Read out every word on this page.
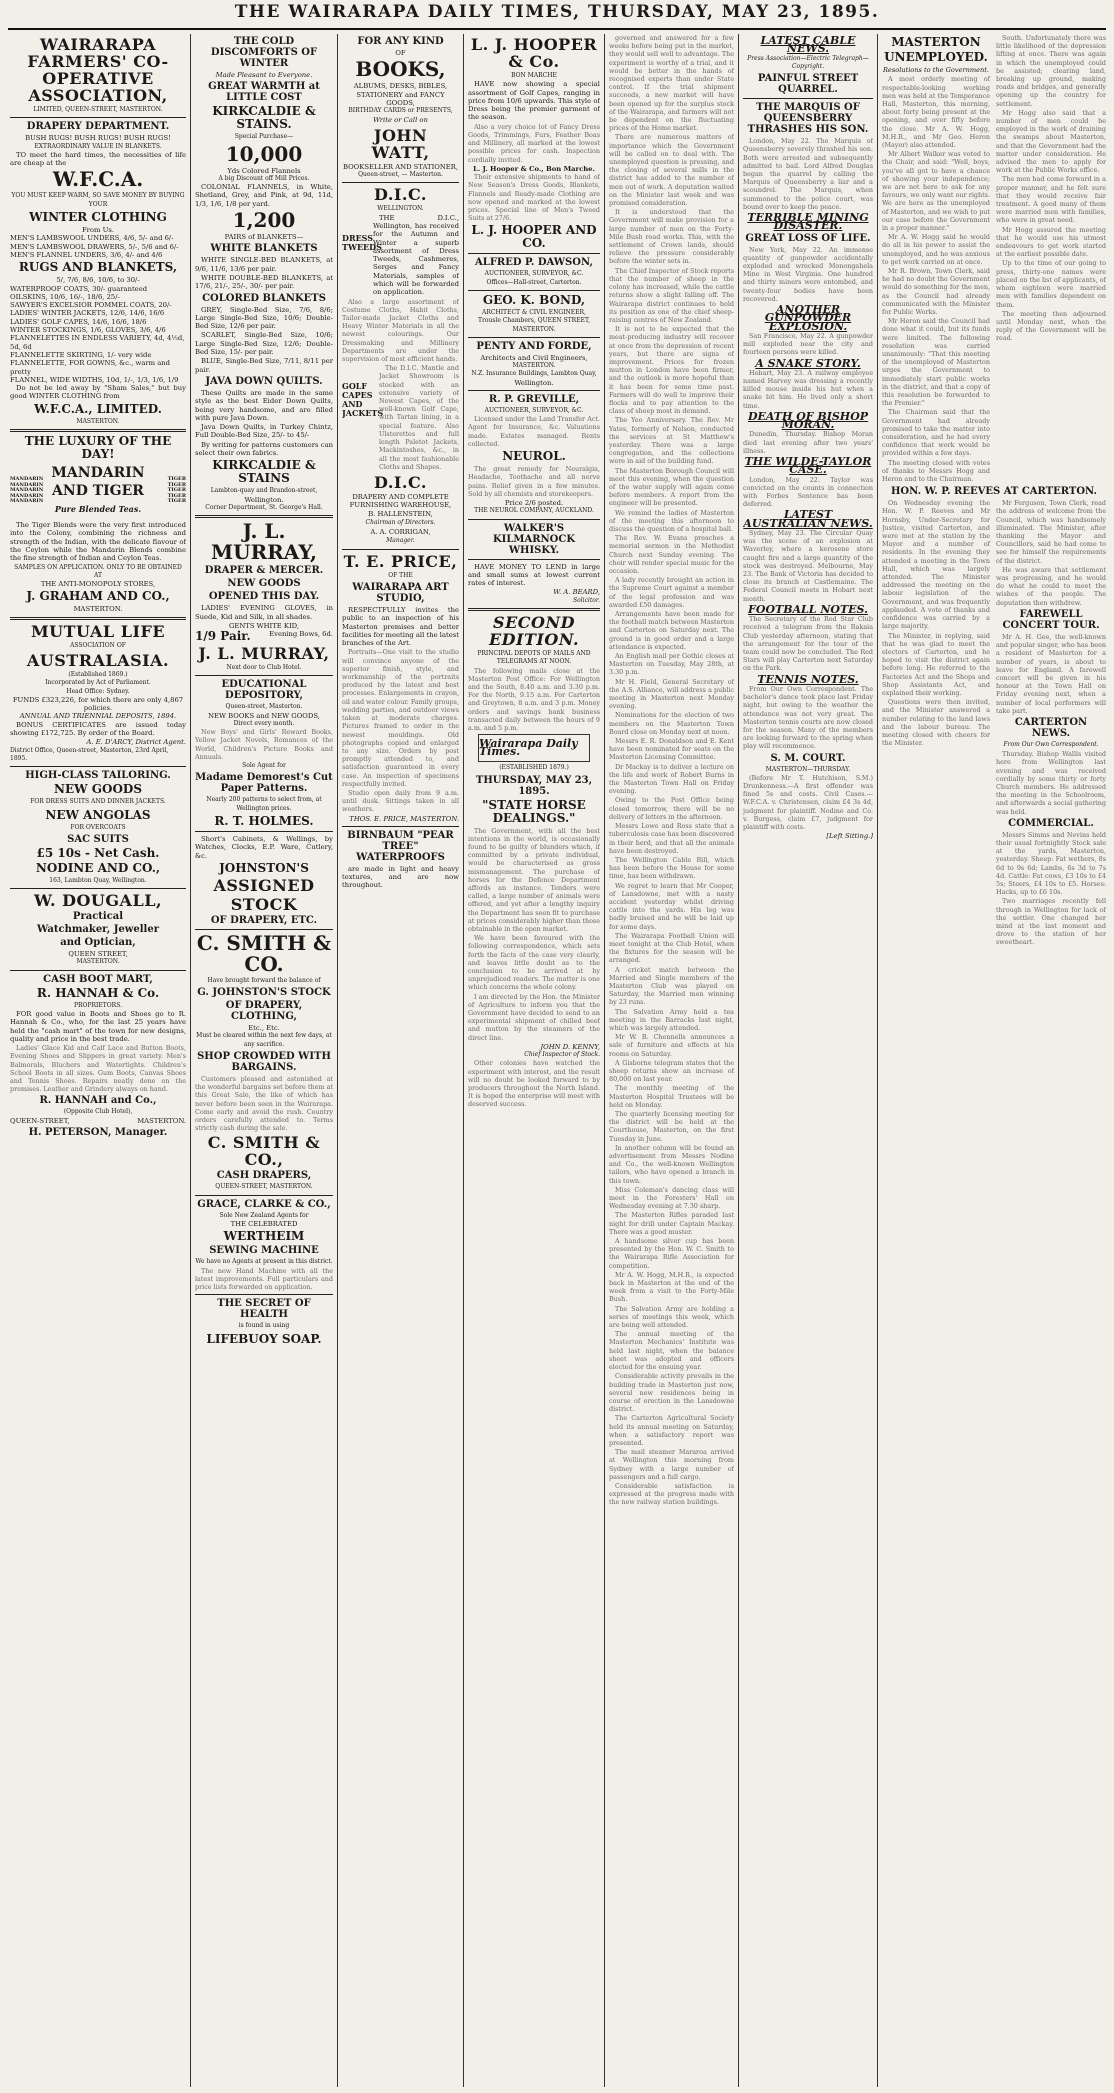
THE WAIRARAPA DAILY TIMES, THURSDAY, MAY 23, 1895.
WAIRARAPA FARMERS' CO-OPERATIVE ASSOCIATION,
LIMITED, QUEEN-STREET, MASTERTON.
DRAPERY DEPARTMENT.
BUSH RUGS! BUSH RUGS! BUSH RUGS!
EXTRAORDINARY VALUE IN BLANKETS.

TO meet the hard times, the necessities of life are cheap at the

W.F.C.A.
YOU MUST KEEP WARM, SO SAVE MONEY BY BUYING YOUR
WINTER CLOTHING
From Us.
MEN'S LAMBSWOOL UNDERS, 4/6, 5/- and 6/-
MEN'S LAMBSWOOL DRAWERS, 5/-, 5/6 and 6/-
MEN'S FLANNEL UNDERS, 3/6, 4/- and 4/6
RUGS AND BLANKETS,
5/, 7/6, 8/6, 10/6, to 30/-
WATERPROOF COATS, 30/- guaranteed
OILSKINS, 10/6, 16/-, 18/6, 25/-
SAWYER'S EXCELSIOR POMMEL COATS, 20/-
LADIES' WINTER JACKETS, 12/6, 14/6, 16/6
LADIES' GOLF CAPES, 14/6, 16/6, 18/6
WINTER STOCKINGS, 1/6, GLOVES, 3/6, 4/6
FLANNELETTES IN ENDLESS VARIETY, 4d, 4½d, 5d, 6d
FLANNELETTE SKIRTING, 1/- very wide
FLANNELETTE, FOR GOWNS, &c., warm and pretty
FLANNEL, WIDE WIDTHS, 10d, 1/-, 1/3, 1/6, 1/9

Do not be led away by "Sham Sales," but buy good WINTER CLOTHING from

W.F.C.A., LIMITED.
MASTERTON.
THE LUXURY OF THE DAY!
MANDARIN
MANDARIN
MANDARIN
MANDARIN
MANDARIN
MANDARIN
AND TIGER
Pure Blended Teas.
TIGER
TIGER
TIGER
TIGER
TIGER

The Tiger Blends were the very first introduced into the Colony, combining the richness and strength of the Indian, with the delicate flavour of the Ceylon while the Mandarin Blends combine the fine strength of Indian and Ceylon Teas.

SAMPLES ON APPLICATION. ONLY TO BE OBTAINED AT
THE ANTI-MONOPOLY STORES,
J. GRAHAM AND CO.,
MASTERTON.
MUTUAL LIFE
ASSOCIATION OF
AUSTRALASIA.
(Established 1869.)
Incorporated by Act of Parliament.
Head Office: Sydney.
FUNDS £323,226, for which there are only 4,867 policies.
ANNUAL AND TRIENNIAL DEPOSITS, 1894.

BONUS CERTIFICATES are issued today showing £172,725. By order of the Board.

A. E. D'ARCY, District Agent.
District Office, Queen-street, Masterton, 23rd April, 1895.
HIGH-CLASS TAILORING.
NEW GOODS
FOR DRESS SUITS AND DINNER JACKETS.
NEW ANGOLAS
FOR OVERCOATS
SAC SUITS
£5 10s - Net Cash.
NODINE AND CO.,
163, Lambton Quay, Wellington.
W. DOUGALL,
Practical
Watchmaker, Jeweller
and Optician,
QUEEN STREET,
MASTERTON.
CASH BOOT MART,
R. HANNAH & Co.
PROPRIETORS.

FOR good value in Boots and Shoes go to R. Hannah & Co., who, for the last 25 years have held the "cash mart" of the town for new designs, quality and price in the best trade.

Ladies' Glace Kid and Calf Lace and Button Boots, Evening Shoes and Slippers in great variety. Men's Balmorals, Bluchers and Watertights. Children's School Boots in all sizes. Gum Boots, Canvas Shoes and Tennis Shoes. Repairs neatly done on the premises. Leather and Grindery always on hand.

R. HANNAH and Co.,
(Opposite Club Hotel),
QUEEN-STREET,	MASTERTON.
H. PETERSON, Manager.
THE COLD DISCOMFORTS OF WINTER
Made Pleasant to Everyone.
GREAT WARMTH at LITTLE COST
KIRKCALDIE & STAINS.
Special Purchase—
10,000
Yds Colored Flannels
A big Discount off Mill Prices.

COLONIAL FLANNELS, in White, Shetland, Grey, and Pink, at 9d, 11d, 1/3, 1/6, 1/8 per yard.

1,200
PAIRS of BLANKETS—
WHITE BLANKETS

WHITE SINGLE-BED BLANKETS, at 9/6, 11/6, 13/6 per pair.

WHITE DOUBLE-BED BLANKETS, at 17/6, 21/-, 25/-, 30/- per pair.

COLORED BLANKETS

GREY, Single-Bed Size, 7/6, 8/6; Large Single-Bed Size, 10/6; Double-Bed Size, 12/6 per pair.

SCARLET, Single-Bed Size, 10/6; Large Single-Bed Size, 12/6; Double-Bed Size, 15/- per pair.

BLUE, Single-Bed Size, 7/11, 8/11 per pair.

JAVA DOWN QUILTS.

These Quilts are made in the same style as the best Eider Down Quilts, being very handsome, and are filled with pure Java Down.

Java Down Quilts, in Turkey Chintz, Full Double-Bed Size, 25/- to 45/-

By writing for patterns customers can select their own fabrics.

KIRKCALDIE & STAINS
Lambton-quay and Brandon-street,
Wellington.
Corner Department, St. George's Hall.
J. L. MURRAY,
DRAPER & MERCER.
NEW GOODS
OPENED THIS DAY.

LADIES' EVENING GLOVES, in Suede, Kid and Silk, in all shades.

GENTS WHITE KID,
1/9 Pair.	Evening Bows, 6d.
J. L. MURRAY,
Next door to Club Hotel.
EDUCATIONAL DEPOSITORY,
Queen-street, Masterton.
NEW BOOKS and NEW GOODS,
Direct every month.

New Boys' and Girls' Reward Books, Yellow Jacket Novels, Romances of the World, Children's Picture Books and Annuals.

Sole Agent for
Madame Demorest's Cut Paper Patterns.
Nearly 200 patterns to select from, at Wellington prices.
R. T. HOLMES.

Short's Cabinets, & Wellings, by Watches, Clocks, E.P. Ware, Cutlery, &c.

JOHNSTON'S
ASSIGNED
STOCK
OF DRAPERY, ETC.
C. SMITH & CO.
Have brought forward the balance of
G. JOHNSTON'S STOCK
OF DRAPERY, CLOTHING,
Etc., Etc.
Must be cleared within the next few days, at any sacrifice.
SHOP CROWDED WITH BARGAINS.

Customers pleased and astonished at the wonderful bargains set before them at this Great Sale, the like of which has never before been seen in the Wairarapa. Come early and avoid the rush. Country orders carefully attended to. Terms strictly cash during the sale.

C. SMITH & CO.,
CASH DRAPERS,
QUEEN-STREET, MASTERTON.
GRACE, CLARKE & CO.,
Sole New Zealand Agents for
THE CELEBRATED
WERTHEIM
SEWING MACHINE
We have no Agents at present in this district.

The new Hand Machine with all the latest improvements. Full particulars and price lists forwarded on application.

THE SECRET OF HEALTH
is found in using
LIFEBUOY SOAP.
FOR ANY KIND
OF
BOOKS,
ALBUMS, DESKS, BIBLES,
STATIONERY and FANCY GOODS,
BIRTHDAY CARDS or PRESENTS,
Write or Call on
JOHN WATT,
BOOKSELLER AND STATIONER,
Queen-street, — Masterton.
D.I.C.
WELLINGTON.
DRESS
TWEEDS

THE D.I.C., Wellington, has received for the Autumn and Winter a superb assortment of Dress Tweeds, Cashmeres, Serges and Fancy Materials, samples of which will be forwarded on application.

Also a large assortment of Costume Cloths, Habit Cloths, Tailor-made Jacket Cloths and Heavy Winter Materials in all the newest colourings. Our Dressmaking and Millinery Departments are under the supervision of most efficient hands.

GOLF
CAPES
AND
JACKETS

The D.I.C. Mantle and Jacket Showroom is stocked with an extensive variety of Newest Capes, of the well-known Golf Cape, with Tartan lining, in a special feature. Also Ulsterettes and full length Paletot Jackets, Mackintoshes, &c., in all the most fashionable Cloths and Shapes.

D.I.C.
DRAPERY AND COMPLETE FURNISHING WAREHOUSE,
B. HALLENSTEIN,
Chairman of Directors.
A. A. CORRIGAN,
Manager.
T. E. PRICE,
OF THE
WAIRARAPA ART STUDIO,

RESPECTFULLY invites the public to an inspection of his Masterton premises and better facilities for meeting all the latest branches of the Art.

Portraits—One visit to the studio will convince anyone of the superior finish, style, and workmanship of the portraits produced by the latest and best processes. Enlargements in crayon, oil and water colour. Family groups, wedding parties, and outdoor views taken at moderate charges. Pictures framed to order in the newest mouldings. Old photographs copied and enlarged to any size. Orders by post promptly attended to, and satisfaction guaranteed in every case. An inspection of specimens respectfully invited.

Studio open daily from 9 a.m. until dusk. Sittings taken in all weathers.

THOS. E. PRICE, MASTERTON.
BIRNBAUM "PEAR TREE" WATERPROOFS

are made in light and heavy textures, and are now throughout.

L. J. HOOPER & Co.
BON MARCHE

HAVE now showing a special assortment of Golf Capes, ranging in price from 10/6 upwards. This style of Dress being the premier garment of the season.

Also a very choice lot of Fancy Dress Goods, Trimmings, Furs, Feather Boas and Millinery, all marked at the lowest possible prices for cash. Inspection cordially invited.

L. J. Hooper & Co., Bon Marche.

Their extensive shipments to hand of New Season's Dress Goods, Blankets, Flannels and Ready-made Clothing are now opened and marked at the lowest prices. Special line of Men's Tweed Suits at 27/6.

L. J. HOOPER AND CO.
ALFRED P. DAWSON,
AUCTIONEER, SURVEYOR, &C.
Offices—Hall-street, Carterton.
GEO. K. BOND,
ARCHITECT & CIVIL ENGINEER,
Trousle Chambers, QUEEN STREET, MASTERTON.
PENTY AND FORDE,
Architects and Civil Engineers,
MASTERTON.
N.Z. Insurance Buildings, Lambton Quay,
Wellington.
R. P. GREVILLE,
AUCTIONEER, SURVEYOR, &C.

Licensed under the Land Transfer Act. Agent for Insurance, &c. Valuations made. Estates managed. Rents collected.

NEUROL.

The great remedy for Neuralgia, Headache, Toothache and all nerve pains. Relief given in a few minutes. Sold by all chemists and storekeepers.

Price 2/6 posted.
THE NEUROL COMPANY, AUCKLAND.
WALKER'S KILMARNOCK WHISKY.

HAVE MONEY TO LEND in large and small sums at lowest current rates of interest.

W. A. BEARD,
Solicitor.
SECOND EDITION.
PRINCIPAL DEPOTS OF MAILS AND TELEGRAMS AT NOON.

The following mails close at the Masterton Post Office: For Wellington and the South, 8.40 a.m. and 3.30 p.m. For the North, 9.15 a.m. For Carterton and Greytown, 8 a.m. and 3 p.m. Money orders and savings bank business transacted daily between the hours of 9 a.m. and 5 p.m.

Wairarapa Daily Times.
(ESTABLISHED 1879.)
THURSDAY, MAY 23, 1895.
"STATE HORSE DEALINGS."

The Government, with all the best intentions in the world, is occasionally found to be guilty of blunders which, if committed by a private individual, would be characterised as gross mismanagement. The purchase of horses for the Defence Department affords an instance. Tenders were called, a large number of animals were offered, and yet after a lengthy inquiry the Department has seen fit to purchase at prices considerably higher than those obtainable in the open market.

We have been favoured with the following correspondence, which sets forth the facts of the case very clearly, and leaves little doubt as to the conclusion to be arrived at by unprejudiced readers. The matter is one which concerns the whole colony.

I am directed by the Hon. the Minister of Agriculture to inform you that the Government have decided to send to an experimental shipment of chilled beef and mutton by the steamers of the direct line.

JOHN D. KENNY,
Chief Inspector of Stock.

Other colonies have watched the experiment with interest, and the result will no doubt be looked forward to by producers throughout the North Island. It is hoped the enterprise will meet with deserved success.

governed and answered for a few weeks before being put in the market, they would sell well to advantage. The experiment is worthy of a trial, and it would be better in the hands of recognised experts than under State control. If the trial shipment succeeds, a new market will have been opened up for the surplus stock of the Wairarapa, and farmers will not be dependent on the fluctuating prices of the Home market.

There are numerous matters of importance which the Government will be called on to deal with. The unemployed question is pressing, and the closing of several mills in the district has added to the number of men out of work. A deputation waited on the Minister last week and was promised consideration.

It is understood that the Government will make provision for a large number of men on the Forty-Mile Bush road works. This, with the settlement of Crown lands, should relieve the pressure considerably before the winter sets in.

The Chief Inspector of Stock reports that the number of sheep in the colony has increased, while the cattle returns show a slight falling off. The Wairarapa district continues to hold its position as one of the chief sheep-raising centres of New Zealand.

It is not to be expected that the meat-producing industry will recover at once from the depression of recent years, but there are signs of improvement. Prices for frozen mutton in London have been firmer, and the outlook is more hopeful than it has been for some time past. Farmers will do well to improve their flocks and to pay attention to the class of sheep most in demand.

The Yeo Anniversary. The Rev. Mr Yates, formerly of Nelson, conducted the services at St Matthew's yesterday. There was a large congregation, and the collections were in aid of the building fund.

The Masterton Borough Council will meet this evening, when the question of the water supply will again come before members. A report from the engineer will be presented.

We remind the ladies of Masterton of the meeting this afternoon to discuss the question of a hospital ball.

The Rev. W. Evans preaches a memorial sermon in the Methodist Church next Sunday evening. The choir will render special music for the occasion.

A lady recently brought an action in the Supreme Court against a member of the legal profession and was awarded £50 damages.

Arrangements have been made for the football match between Masterton and Carterton on Saturday next. The ground is in good order and a large attendance is expected.

An English mail per Gothic closes at Masterton on Tuesday, May 28th, at 3.30 p.m.

Mr H. Field, General Secretary of the A.S. Alliance, will address a public meeting in Masterton next Monday evening.

Nominations for the election of two members on the Masterton Town Board close on Monday next at noon.

Messrs E. R. Donaldson and E. Kent have been nominated for seats on the Masterton Licensing Committee.

Dr Mackay is to deliver a lecture on the life and work of Robert Burns in the Masterton Town Hall on Friday evening.

Owing to the Post Office being closed tomorrow, there will be no delivery of letters in the afternoon.

Messrs Lowe and Ross state that a tuberculosis case has been discovered in their herd, and that all the animals have been destroyed.

The Wellington Cable Bill, which has been before the House for some time, has been withdrawn.

We regret to learn that Mr Cooper, of Lansdowne, met with a nasty accident yesterday whilst driving cattle into the yards. His leg was badly bruised and he will be laid up for some days.

The Wairarapa Football Union will meet tonight at the Club Hotel, when the fixtures for the season will be arranged.

A cricket match between the Married and Single members of the Masterton Club was played on Saturday, the Married men winning by 23 runs.

The Salvation Army held a tea meeting in the Barracks last night, which was largely attended.

Mr W. B. Chennells announces a sale of furniture and effects at his rooms on Saturday.

A Gisborne telegram states that the sheep returns show an increase of 80,000 on last year.

The monthly meeting of the Masterton Hospital Trustees will be held on Monday.

The quarterly licensing meeting for the district will be held at the Courthouse, Masterton, on the first Tuesday in June.

In another column will be found an advertisement from Messrs Nodine and Co., the well-known Wellington tailors, who have opened a branch in this town.

Miss Coleman's dancing class will meet in the Foresters' Hall on Wednesday evening at 7.30 sharp.

The Masterton Rifles paraded last night for drill under Captain Mackay. There was a good muster.

A handsome silver cup has been presented by the Hon. W. C. Smith to the Wairarapa Rifle Association for competition.

Mr A. W. Hogg, M.H.R., is expected back in Masterton at the end of the week from a visit to the Forty-Mile Bush.

The Salvation Army are holding a series of meetings this week, which are being well attended.

The annual meeting of the Masterton Mechanics' Institute was held last night, when the balance sheet was adopted and officers elected for the ensuing year.

Considerable activity prevails in the building trade in Masterton just now, several new residences being in course of erection in the Lansdowne district.

The Carterton Agricultural Society held its annual meeting on Saturday, when a satisfactory report was presented.

The mail steamer Mararoa arrived at Wellington this morning from Sydney with a large number of passengers and a full cargo.

Considerable satisfaction is expressed at the progress made with the new railway station buildings.

LATEST CABLE NEWS.
Press Association—Electric Telegraph—Copyright.
PAINFUL STREET QUARREL.
THE MARQUIS OF QUEENSBERRY THRASHES HIS SON.

London, May 22. The Marquis of Queensberry severely thrashed his son. Both were arrested and subsequently admitted to bail. Lord Alfred Douglas began the quarrel by calling the Marquis of Queensberry a liar and a scoundrel. The Marquis, when summoned to the police court, was bound over to keep the peace.

TERRIBLE MINING DISASTER.
GREAT LOSS OF LIFE.

New York, May 22. An immense quantity of gunpowder accidentally exploded and wrecked Monongahela Mine in West Virginia. One hundred and thirty miners were entombed, and twenty-four bodies have been recovered.

ANOTHER GUNPOWDER EXPLOSION.

San Francisco, May 22. A gunpowder mill exploded near the city and fourteen persons were killed.

A SNAKE STORY.

Hobart, May 23. A railway employee named Harvey was dressing a recently killed mouse inside his hut when a snake bit him. He lived only a short time.

DEATH OF BISHOP MORAN.

Dunedin, Thursday. Bishop Moran died last evening after two years' illness.

THE WILDE-TAYLOR CASE.

London, May 22. Taylor was convicted on the counts in connection with Forbes Sentence has been deferred.

LATEST AUSTRALIAN NEWS.

Sydney, May 23. The Circular Quay was the scene of an explosion at Waverley, where a kerosene store caught fire and a large quantity of the stock was destroyed. Melbourne, May 23. The Bank of Victoria has decided to close its branch at Castlemaine. The Federal Council meets in Hobart next month.

FOOTBALL NOTES.

The Secretary of the Red Star Club received a telegram from the Rakaia Club yesterday afternoon, stating that the arrangement for the tour of the team could now be concluded. The Red Stars will play Carterton next Saturday on the Park.

TENNIS NOTES.

From Our Own Correspondent. The bachelor's dance took place last Friday night, but owing to the weather the attendance was not very great. The Masterton tennis courts are now closed for the season. Many of the members are looking forward to the spring when play will recommence.

S. M. COURT.
MASTERTON—THURSDAY.

(Before Mr T. Hutchison, S.M.) Drunkenness.—A first offender was fined 5s and costs. Civil Cases.—W.F.C.A. v. Christensen, claim £4 3s 4d, judgment for plaintiff. Nodine and Co. v. Burgess, claim £7, judgment for plaintiff with costs.

[Left Sitting.]
MASTERTON
UNEMPLOYED.
Resolutions to the Government.

A most orderly meeting of respectable-looking working men was held at the Temperance Hall, Masterton, this morning, about forty being present at the opening, and over fifty before the close. Mr A. W. Hogg, M.H.R., and Mr Geo. Heron (Mayor) also attended.

Mr Albert Walker was voted to the Chair, and said: "Well, boys, you've all got to have a chance of showing your independence; we are not here to ask for any favours, we only want our rights. We are here as the unemployed of Masterton, and we wish to put our case before the Government in a proper manner."

Mr A. W. Hogg said he would do all in his power to assist the unemployed, and he was anxious to get work carried on at once.

Mr R. Brown, Town Clerk, said he had no doubt the Government would do something for the men, as the Council had already communicated with the Minister for Public Works.

Mr Heron said the Council had done what it could, but its funds were limited. The following resolution was carried unanimously: "That this meeting of the unemployed of Masterton urges the Government to immediately start public works in the district, and that a copy of this resolution be forwarded to the Premier."

The Chairman said that the Government had already promised to take the matter into consideration, and he had every confidence that work would be provided within a few days.

The meeting closed with votes of thanks to Messrs Hogg and Heron and to the Chairman.

South. Unfortunately there was little likelihood of the depression lifting at once. There was again in which the unemployed could be assisted; clearing land, breaking up ground, making roads and bridges, and generally opening up the country for settlement.

Mr Hogg also said that a number of men could be employed in the work of draining the swamps about Masterton, and that the Government had the matter under consideration. He advised the men to apply for work at the Public Works office.

The men had come forward in a proper manner, and he felt sure that they would receive fair treatment. A good many of them were married men with families, who were in great need.

Mr Hogg assured the meeting that he would use his utmost endeavours to get work started at the earliest possible date.

Up to the time of our going to press, thirty-one names were placed on the list of applicants, of whom eighteen were married men with families dependent on them.

The meeting then adjourned until Monday next, when the reply of the Government will be read.

HON. W. P. REEVES AT CARTERTON.

On Wednesday evening the Hon. W. P. Reeves and Mr Hornsby, Under-Secretary for Justice, visited Carterton, and were met at the station by the Mayor and a number of residents. In the evening they attended a meeting in the Town Hall, which was largely attended. The Minister addressed the meeting on the labour legislation of the Government, and was frequently applauded. A vote of thanks and confidence was carried by a large majority.

The Minister, in replying, said that he was glad to meet the electors of Carterton, and he hoped to visit the district again before long. He referred to the Factories Act and the Shops and Shop Assistants Act, and explained their working.

Questions were then invited, and the Minister answered a number relating to the land laws and the labour bureau. The meeting closed with cheers for the Minister.

Mr Ferguson, Town Clerk, read the address of welcome from the Council, which was handsomely illuminated. The Minister, after thanking the Mayor and Councillors, said he had come to see for himself the requirements of the district.

He was aware that settlement was progressing, and he would do what he could to meet the wishes of the people. The deputation then withdrew.

FAREWELL CONCERT TOUR.

Mr A. H. Gee, the well-known and popular singer, who has been a resident of Masterton for a number of years, is about to leave for England. A farewell concert will be given in his honour at the Town Hall on Friday evening next, when a number of local performers will take part.

CARTERTON NEWS.
From Our Own Correspondent.

Thursday. Bishop Wallis visited here from Wellington last evening and was received cordially by some thirty or forty Church members. He addressed the meeting in the Schoolroom, and afterwards a social gathering was held.

COMMERCIAL.

Messrs Simms and Nevins held their usual fortnightly Stock sale at the yards, Masterton, yesterday. Sheep: Fat wethers, 8s 6d to 9s 6d; Lambs, 6s 3d to 7s 4d. Cattle: Fat cows, £3 10s to £4 5s; Steers, £4 10s to £5. Horses: Hacks, up to £6 10s.

Two marriages recently fell through in Wellington for lack of the settler. One changed her mind at the last moment and drove to the station of her sweetheart.
